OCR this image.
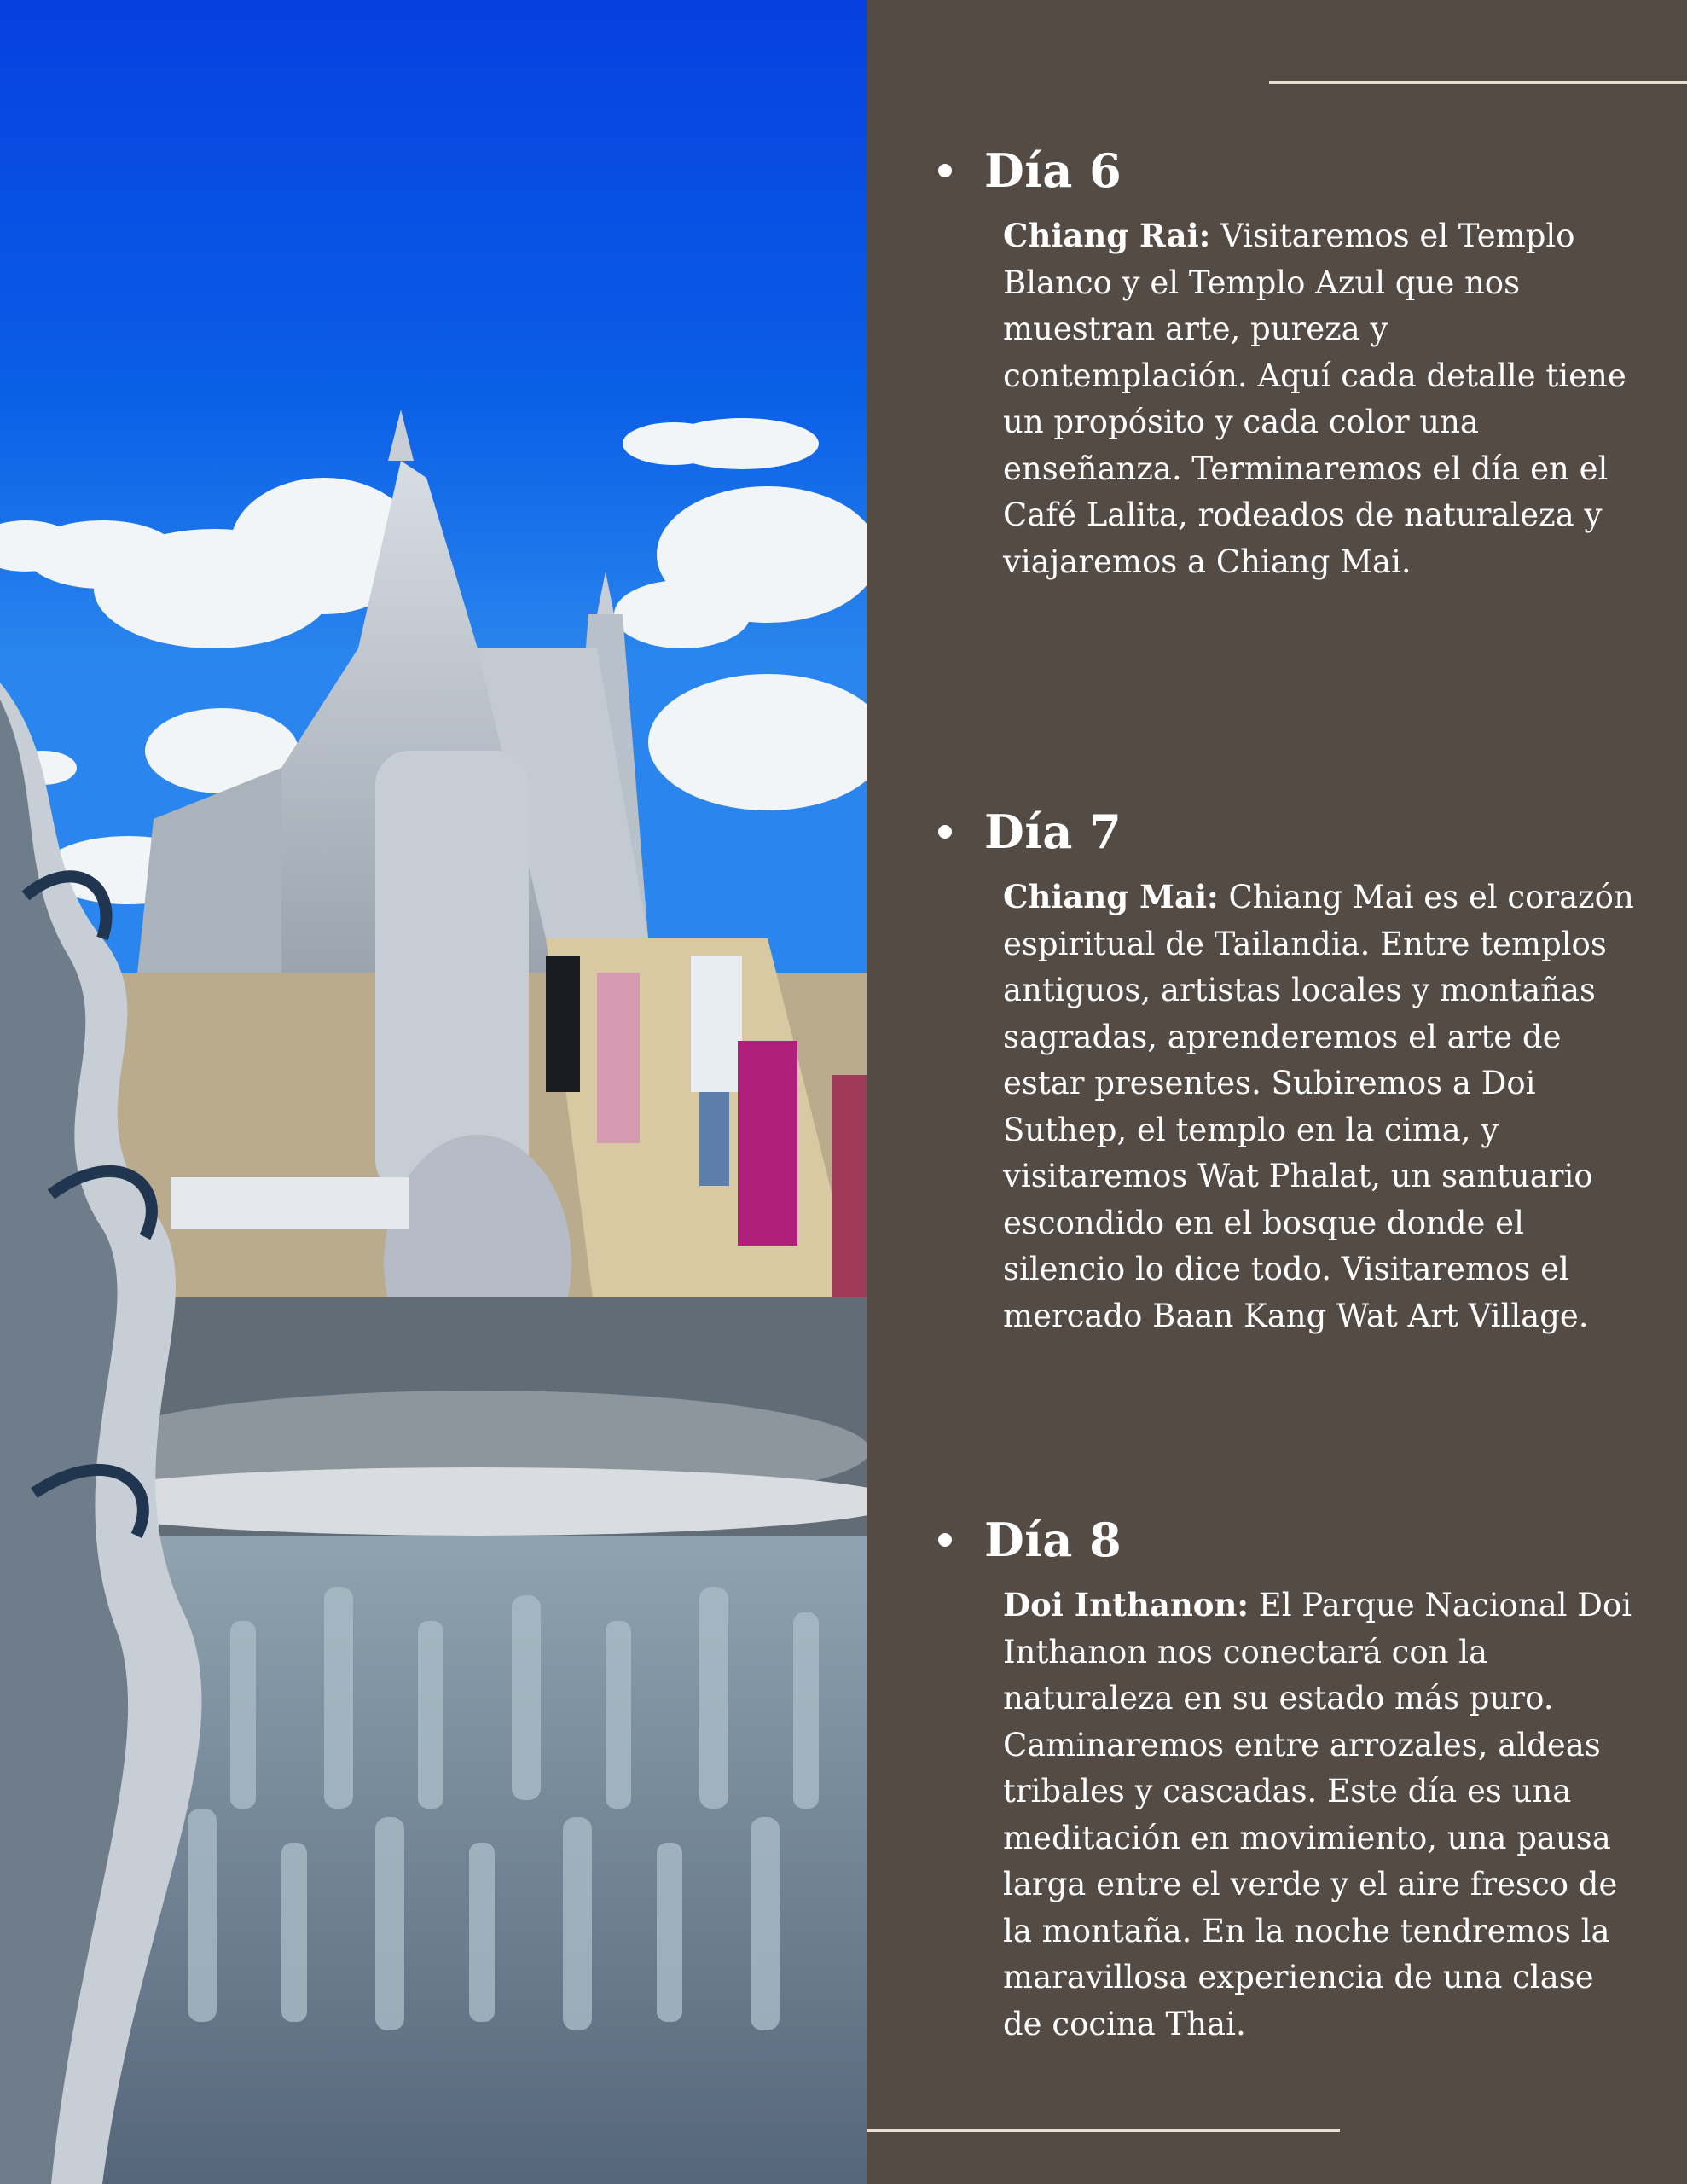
Día 6
Chiang Rai: Visitaremos el Templo Blanco y el Templo Azul que nos muestran arte, pureza y contemplación. Aquí cada detalle tiene un propósito y cada color una enseñanza. Terminaremos el día en el Café Lalita, rodeados de naturaleza y viajaremos a Chiang Mai.
Día 7
Chiang Mai: Chiang Mai es el corazón espiritual de Tailandia. Entre templos antiguos, artistas locales y montañas sagradas, aprenderemos el arte de estar presentes. Subiremos a Doi Suthep, el templo en la cima, y visitaremos Wat Phalat, un santuario escondido en el bosque donde el silencio lo dice todo. Visitaremos el mercado Baan Kang Wat Art Village.
Día 8
Doi Inthanon: El Parque Nacional Doi Inthanon nos conectará con la naturaleza en su estado más puro. Caminaremos entre arrozales, aldeas tribales y cascadas. Este día es una meditación en movimiento, una pausa larga entre el verde y el aire fresco de la montaña. En la noche tendremos la maravillosa experiencia de una clase de cocina Thai.
